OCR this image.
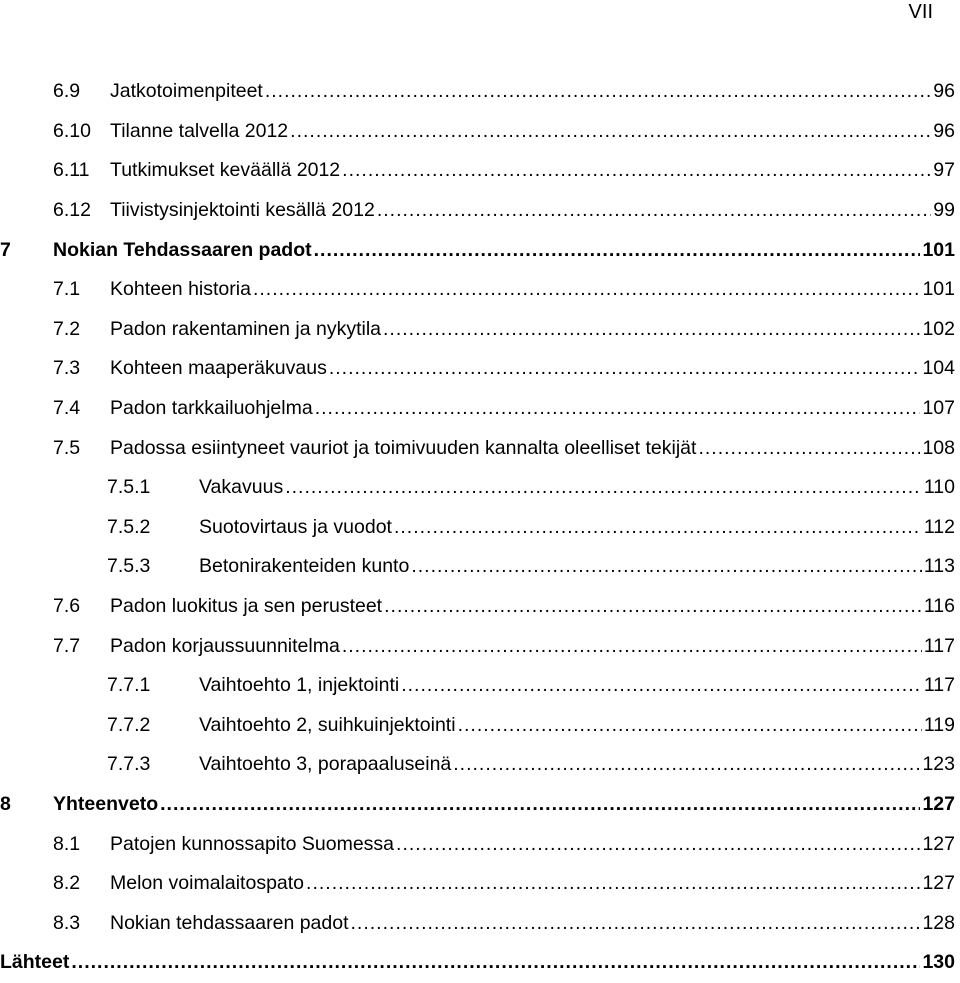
VII
6.9 Jatkotoimenpiteet .....	96
6.10 Tilanne talvella 2012 .....	96
6.11 Tutkimukset keväällä 2012 .....	97
6.12 Tiivistysinjektointi kesällä 2012 .....	99
7 Nokian Tehdassaaren padot .....	101
7.1 Kohteen historia .....	101
7.2 Padon rakentaminen ja nykytila .....	102
7.3 Kohteen maaperäkuvaus .....	104
7.4 Padon tarkkailuohjelma .....	107
7.5 Padossa esiintyneet vauriot ja toimivuuden kannalta oleelliset tekijät .....	108
7.5.1 Vakavuus .....	110
7.5.2 Suotovirtaus ja vuodot .....	112
7.5.3 Betonirakenteiden kunto .....	113
7.6 Padon luokitus ja sen perusteet .....	116
7.7 Padon korjaussuunnitelma .....	117
7.7.1 Vaihtoehto 1, injektointi .....	117
7.7.2 Vaihtoehto 2, suihkuinjektointi .....	119
7.7.3 Vaihtoehto 3, porapaaluseinä .....	123
8 Yhteenveto .....	127
8.1 Patojen kunnossapito Suomessa .....	127
8.2 Melon voimalaitospato .....	127
8.3 Nokian tehdassaaren padot .....	128
Lähteet .....	130
